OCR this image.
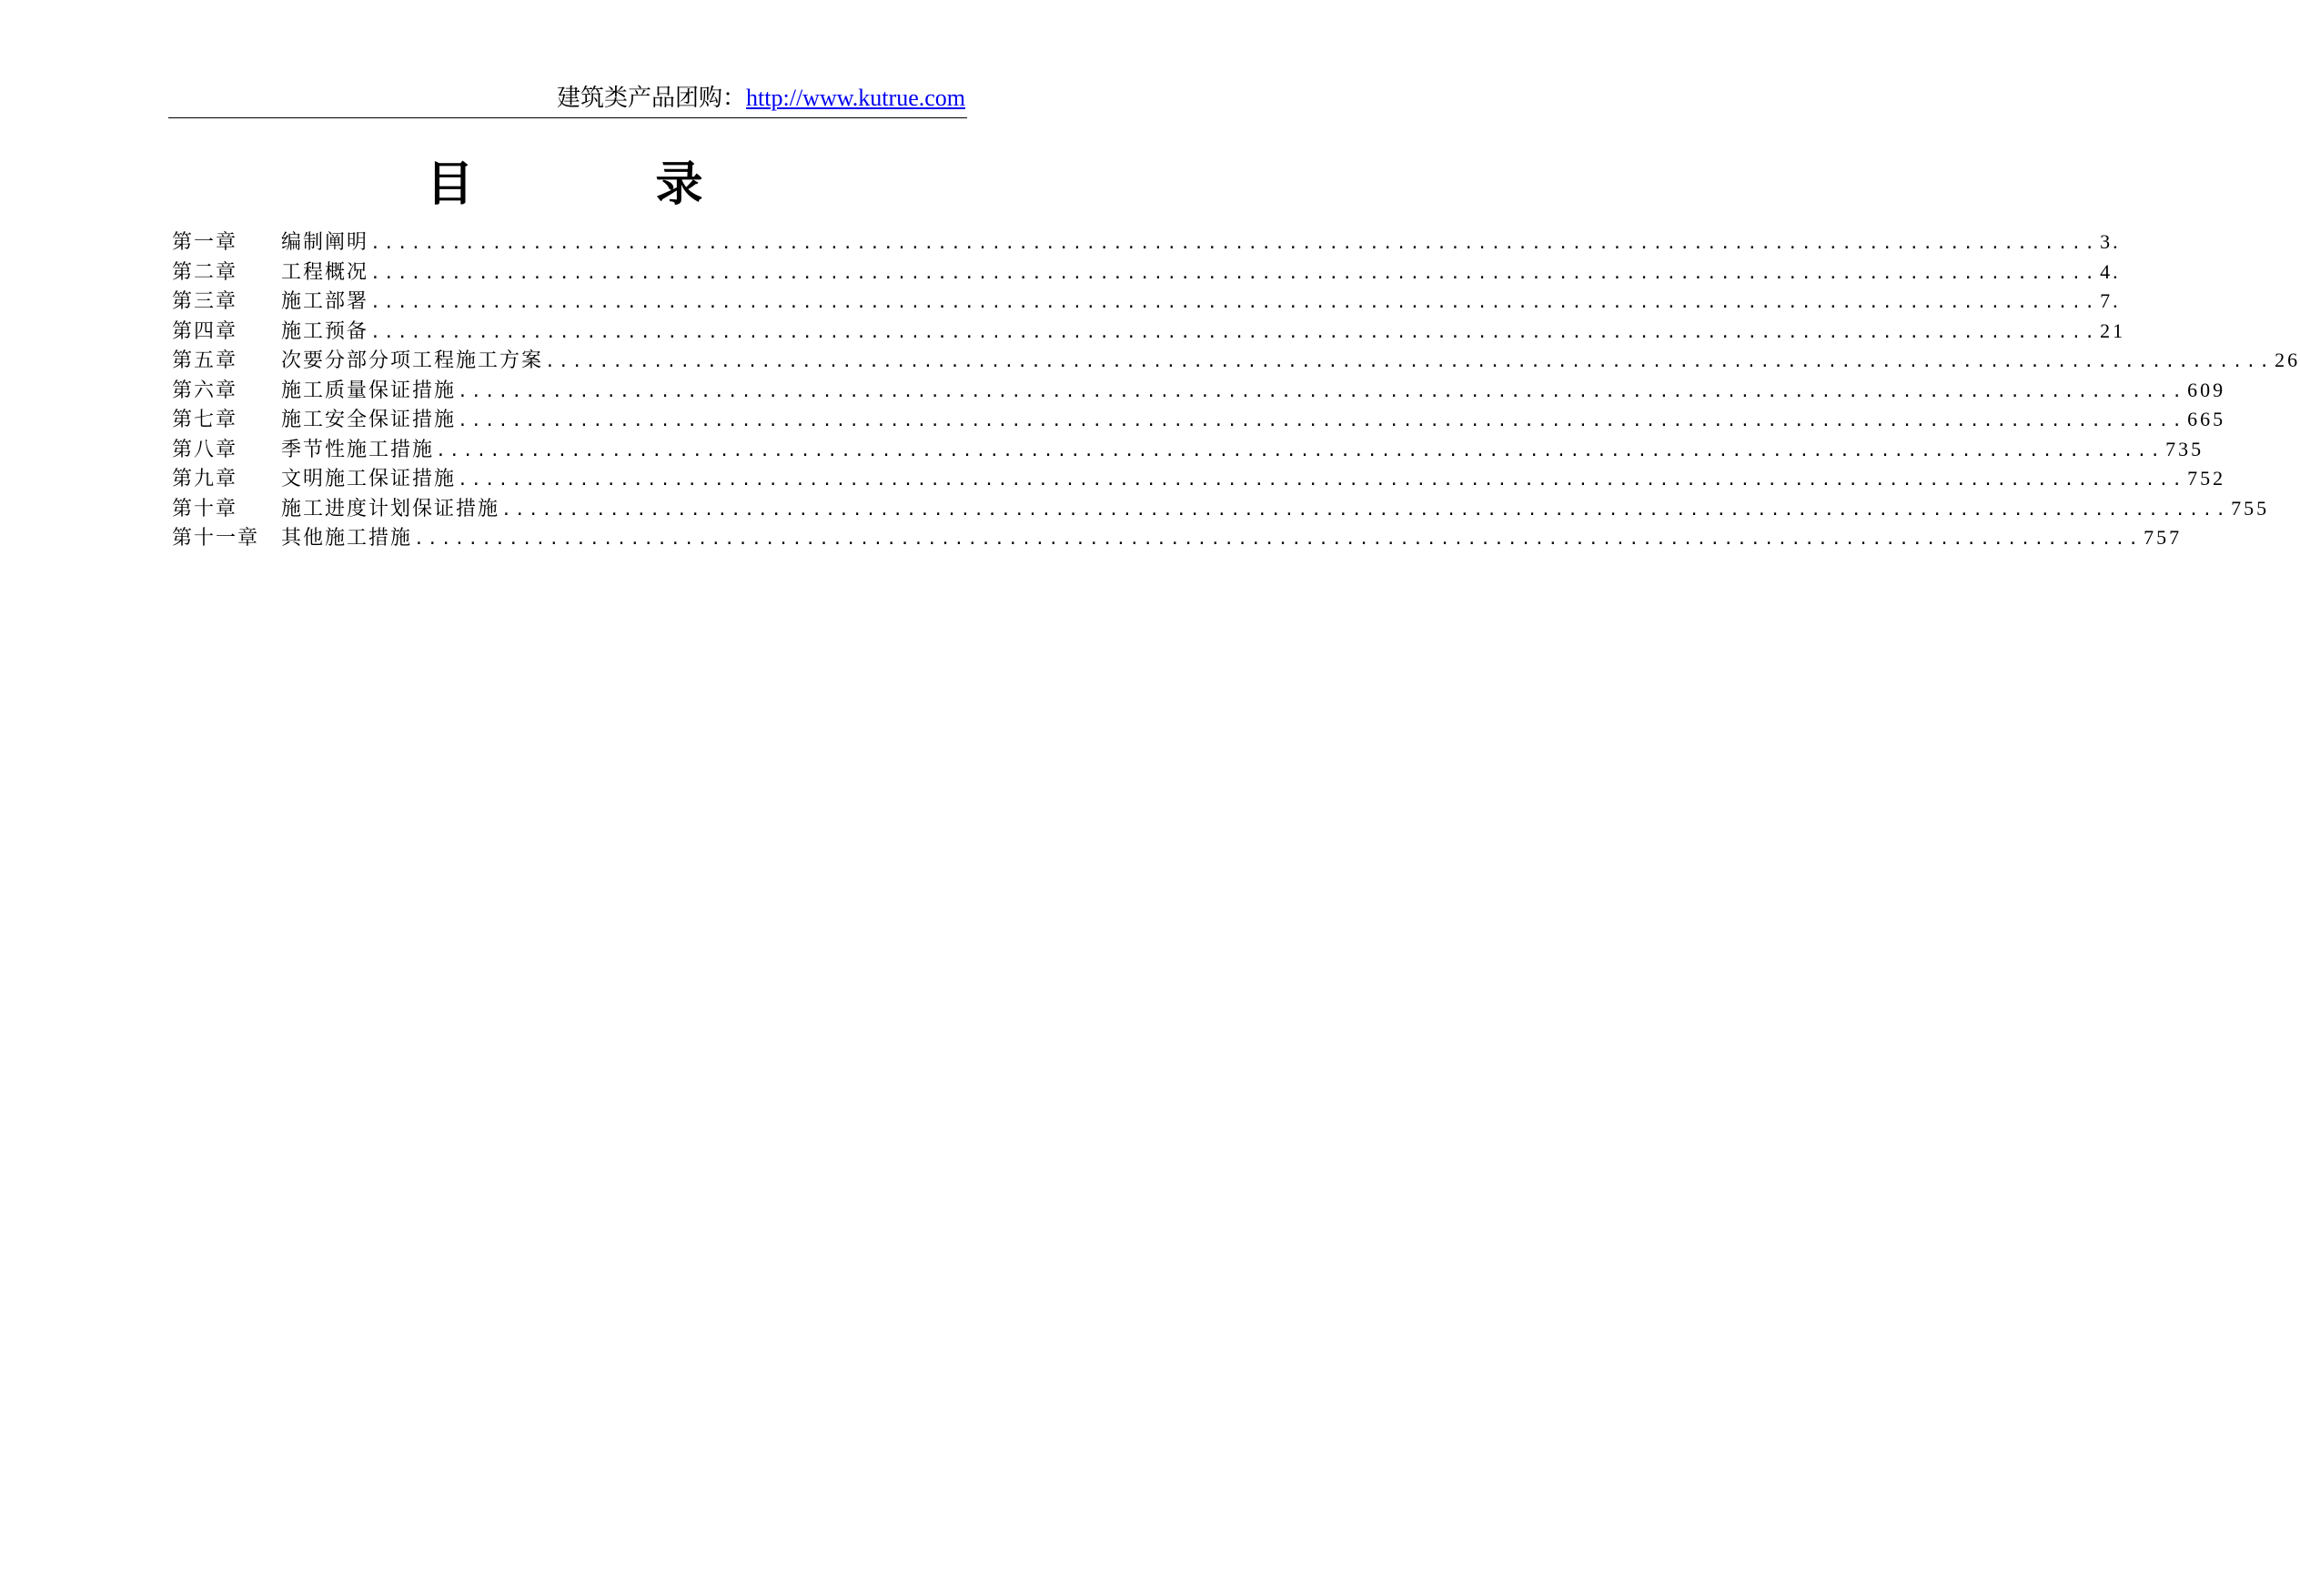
建筑类产品团购：http://www.kutrue.com
目	录
第一章	编制阐明 ................................................................................................................................ 3.
第二章	工程概况 ................................................................................................................................ 4.
第三章	施工部署 ................................................................................................................................ 7.
第四章	施工预备 ................................................................................................................................ 21
第五章	次要分部分项工程施工方案 ................................................................................................................................ 26
第六章	施工质量保证措施 ................................................................................................................................ 609
第七章	施工安全保证措施 ................................................................................................................................ 665
第八章	季节性施工措施 ................................................................................................................................ 735
第九章	文明施工保证措施 ................................................................................................................................ 752
第十章	施工进度计划保证措施 ................................................................................................................................ 755
第十一章	其他施工措施 ................................................................................................................................ 757
